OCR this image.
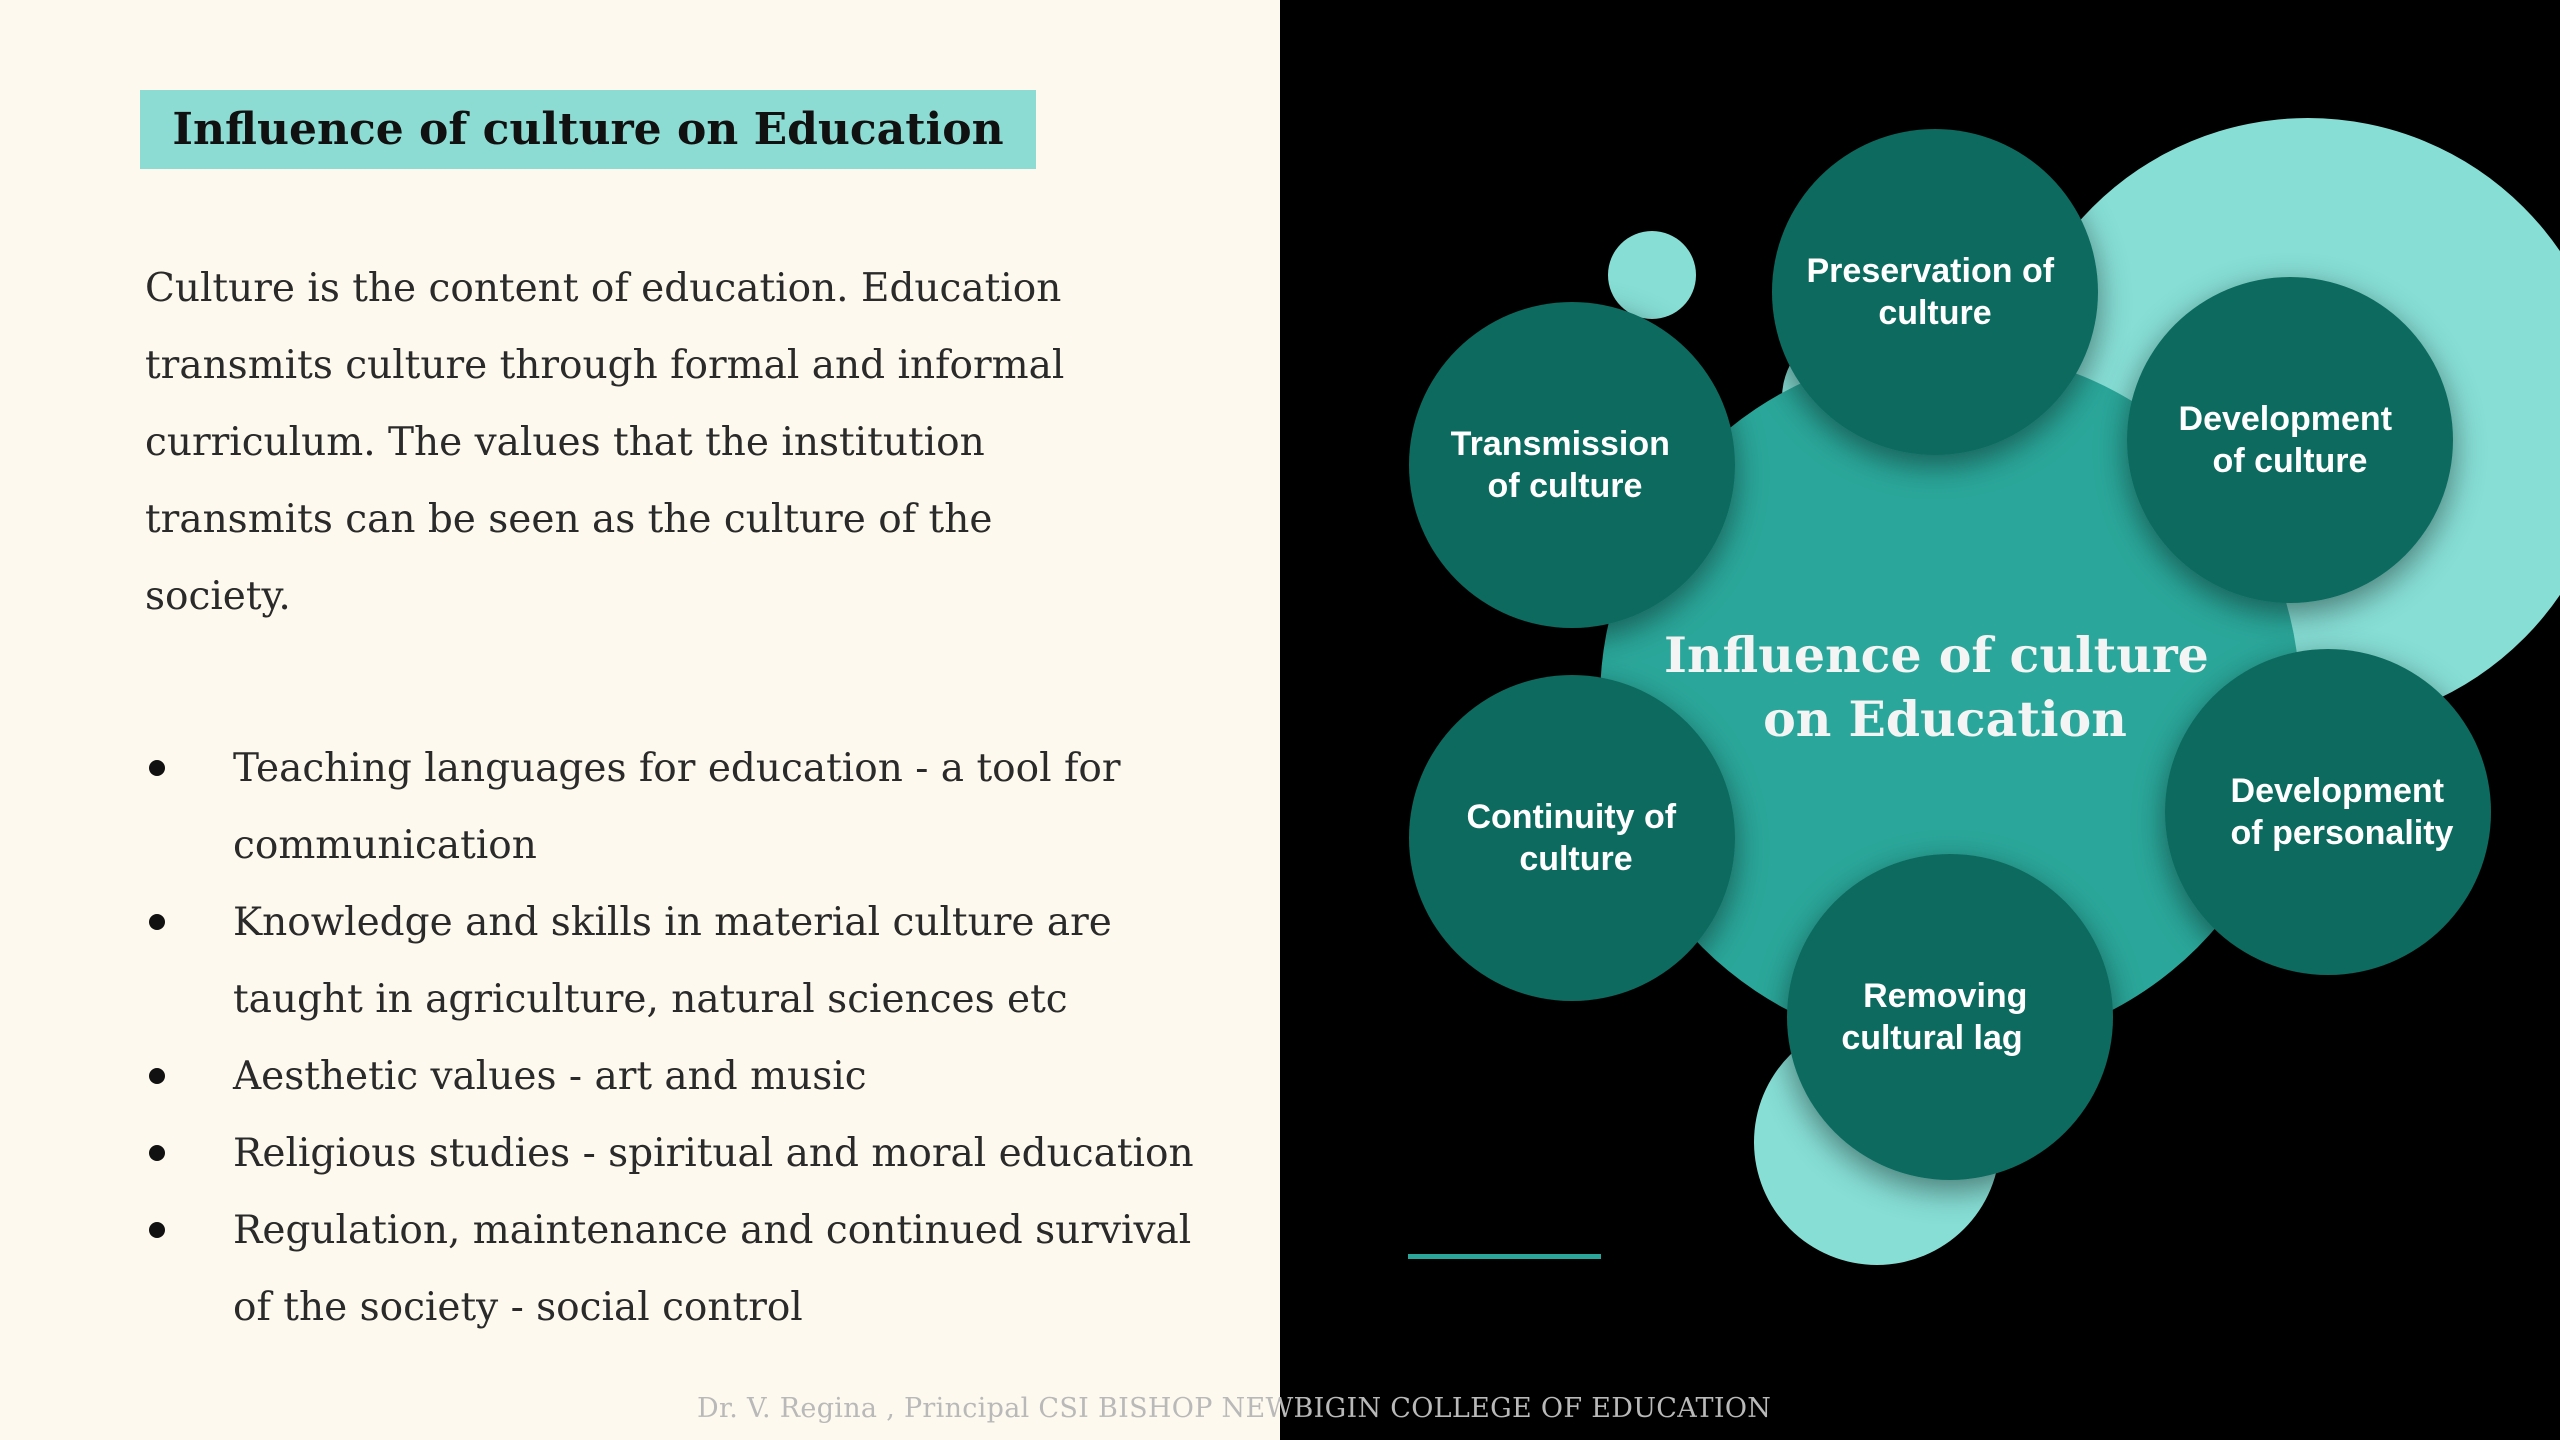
Influence of culture on Education

Culture is the content of education. Education transmits culture through formal and informal curriculum. The values that the institution transmits can be seen as the culture of the society.

Teaching languages for education - a tool for communication
Knowledge and skills in material culture are taught in agriculture, natural sciences etc
Aesthetic values - art and music
Religious studies - spiritual and moral education
Regulation, maintenance and continued survival of the society - social control
Influence of culture on Education
Preservation of culture
Development of culture
Transmission of culture
Continuity of culture
Development of personality
Removing cultural lag
Dr. V. Regina , Principal CSI BISHOP NEWBIGIN COLLEGE OF EDUCATION
